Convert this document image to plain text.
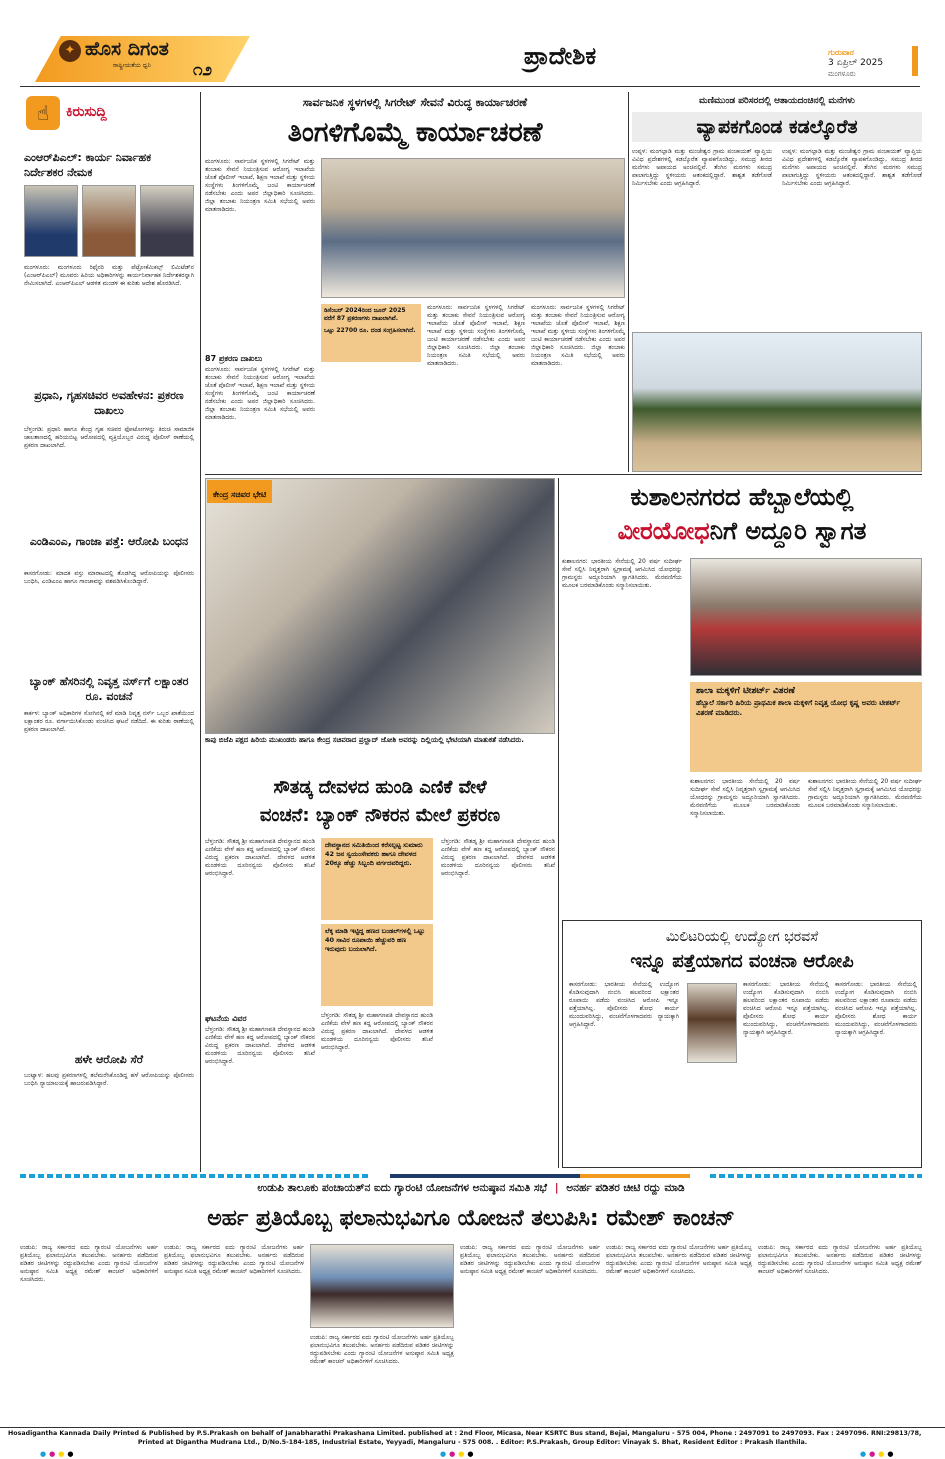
✦ ಹೊಸ ದಿಗಂತ
ರಾಷ್ಟ್ರೀಯತೆಯ ಧ್ವನಿ ೧೨	ಪ್ರಾದೇಶಿಕ	ಗುರುವಾರ
3 ಏಪ್ರಿಲ್ 2025
ಮಂಗಳೂರು
☝	ಕಿರುಸುದ್ದಿ
ಎಂಆರ್‌ಪಿಎಲ್: ಕಾರ್ಯ ನಿರ್ವಾಹಕ ನಿರ್ದೇಶಕರ ನೇಮಕ
ಮಂಗಳೂರು: ಮಂಗಳೂರು ರಿಫೈನರಿ ಮತ್ತು ಪೆಟ್ರೋಕೆಮಿಕಲ್ಸ್ ಲಿಮಿಟೆಡ್‌ನ (ಎಂಆರ್‌ಪಿಎಲ್) ಮೂವರು ಹಿರಿಯ ಅಧಿಕಾರಿಗಳನ್ನು ಕಾರ್ಯನಿರ್ವಾಹಕ ನಿರ್ದೇಶಕರನ್ನಾಗಿ ನೇಮಿಸಲಾಗಿದೆ. ಎಂಆರ್‌ಪಿಎಲ್ ಆಡಳಿತ ಮಂಡಳಿ ಈ ಕುರಿತು ಆದೇಶ ಹೊರಡಿಸಿದೆ.
ಪ್ರಧಾನಿ, ಗೃಹಸಚಿವರ ಅವಹೇಳನ: ಪ್ರಕರಣ ದಾಖಲು
ಬೆಳ್ತಂಗಡಿ: ಪ್ರಧಾನಿ ಹಾಗೂ ಕೇಂದ್ರ ಗೃಹ ಸಚಿವರ ಫೋಟೋಗಳನ್ನು ತಿರುಚಿ ಸಾಮಾಜಿಕ ಜಾಲತಾಣದಲ್ಲಿ ಹರಿಯಬಿಟ್ಟ ಆರೋಪದಲ್ಲಿ ವ್ಯಕ್ತಿಯೊಬ್ಬರ ವಿರುದ್ಧ ಪೊಲೀಸ್ ಠಾಣೆಯಲ್ಲಿ ಪ್ರಕರಣ ದಾಖಲಾಗಿದೆ.
ಎಂಡಿಎಂಎ, ಗಾಂಜಾ ಪತ್ತೆ: ಆರೋಪಿ ಬಂಧನ
ಕಾಸರಗೋಡು: ಮಾದಕ ವಸ್ತು ಮಾರಾಟದಲ್ಲಿ ತೊಡಗಿದ್ದ ಆರೋಪಿಯನ್ನು ಪೊಲೀಸರು ಬಂಧಿಸಿ, ಎಂಡಿಎಂಎ ಹಾಗೂ ಗಾಂಜಾವನ್ನು ವಶಪಡಿಸಿಕೊಂಡಿದ್ದಾರೆ.
ಬ್ಯಾಂಕ್ ಹೆಸರಿನಲ್ಲಿ ನಿವೃತ್ತ ನರ್ಸ್‌ಗೆ ಲಕ್ಷಾಂತರ ರೂ. ವಂಚನೆ
ಕಾರ್ಕಳ: ಬ್ಯಾಂಕ್ ಅಧಿಕಾರಿಗಳ ಸೋಗಿನಲ್ಲಿ ಕರೆ ಮಾಡಿ ನಿವೃತ್ತ ನರ್ಸ್ ಒಬ್ಬರ ಖಾತೆಯಿಂದ ಲಕ್ಷಾಂತರ ರೂ. ವರ್ಗಾಯಿಸಿಕೊಂಡು ವಂಚಿಸಿದ ಘಟನೆ ನಡೆದಿದೆ. ಈ ಕುರಿತು ಠಾಣೆಯಲ್ಲಿ ಪ್ರಕರಣ ದಾಖಲಾಗಿದೆ.
ಹಳೇ ಆರೋಪಿ ಸೆರೆ
ಬಂಟ್ವಾಳ: ಹಲವು ಪ್ರಕರಣಗಳಲ್ಲಿ ತಲೆಮರೆಸಿಕೊಂಡಿದ್ದ ಹಳೆ ಆರೋಪಿಯನ್ನು ಪೊಲೀಸರು ಬಂಧಿಸಿ ನ್ಯಾಯಾಲಯಕ್ಕೆ ಹಾಜರುಪಡಿಸಿದ್ದಾರೆ.
ಸಾರ್ವಜನಿಕ ಸ್ಥಳಗಳಲ್ಲಿ ಸಿಗರೇಟ್ ಸೇವನೆ ವಿರುದ್ಧ ಕಾರ್ಯಾಚರಣೆ
ತಿಂಗಳಿಗೊಮ್ಮೆ ಕಾರ್ಯಾಚರಣೆ
ಮಂಗಳೂರು: ಸಾರ್ವಜನಿಕ ಸ್ಥಳಗಳಲ್ಲಿ ಸಿಗರೇಟ್ ಮತ್ತು ತಂಬಾಕು ಸೇವನೆ ನಿಯಂತ್ರಿಸುವ ಆರೋಗ್ಯ ಇಲಾಖೆಯ ಜೊತೆ ಪೊಲೀಸ್ ಇಲಾಖೆ, ಶಿಕ್ಷಣ ಇಲಾಖೆ ಮತ್ತು ಸ್ಥಳೀಯ ಸಂಸ್ಥೆಗಳು ತಿಂಗಳಿಗೊಮ್ಮೆ ಜಂಟಿ ಕಾರ್ಯಾಚರಣೆ ನಡೆಸಬೇಕು ಎಂದು ಅಪರ ಜಿಲ್ಲಾಧಿಕಾರಿ ಸೂಚಿಸಿದರು. ಜಿಲ್ಲಾ ತಂಬಾಕು ನಿಯಂತ್ರಣ ಸಮಿತಿ ಸಭೆಯಲ್ಲಿ ಅವರು ಮಾತನಾಡಿದರು.
87 ಪ್ರಕರಣ ದಾಖಲು
ಮಂಗಳೂರು: ಸಾರ್ವಜನಿಕ ಸ್ಥಳಗಳಲ್ಲಿ ಸಿಗರೇಟ್ ಮತ್ತು ತಂಬಾಕು ಸೇವನೆ ನಿಯಂತ್ರಿಸುವ ಆರೋಗ್ಯ ಇಲಾಖೆಯ ಜೊತೆ ಪೊಲೀಸ್ ಇಲಾಖೆ, ಶಿಕ್ಷಣ ಇಲಾಖೆ ಮತ್ತು ಸ್ಥಳೀಯ ಸಂಸ್ಥೆಗಳು ತಿಂಗಳಿಗೊಮ್ಮೆ ಜಂಟಿ ಕಾರ್ಯಾಚರಣೆ ನಡೆಸಬೇಕು ಎಂದು ಅಪರ ಜಿಲ್ಲಾಧಿಕಾರಿ ಸೂಚಿಸಿದರು. ಜಿಲ್ಲಾ ತಂಬಾಕು ನಿಯಂತ್ರಣ ಸಮಿತಿ ಸಭೆಯಲ್ಲಿ ಅವರು ಮಾತನಾಡಿದರು.
ಡಿಸೆಂಬರ್ 2024ರಿಂದ ಜೂನ್ 2025 ವರೆಗೆ 87 ಪ್ರಕರಣಗಳು ದಾಖಲಾಗಿವೆ.
ಒಟ್ಟು 22700 ರೂ. ದಂಡ ಸಂಗ್ರಹಿಸಲಾಗಿದೆ.
ಮಂಗಳೂರು: ಸಾರ್ವಜನಿಕ ಸ್ಥಳಗಳಲ್ಲಿ ಸಿಗರೇಟ್ ಮತ್ತು ತಂಬಾಕು ಸೇವನೆ ನಿಯಂತ್ರಿಸುವ ಆರೋಗ್ಯ ಇಲಾಖೆಯ ಜೊತೆ ಪೊಲೀಸ್ ಇಲಾಖೆ, ಶಿಕ್ಷಣ ಇಲಾಖೆ ಮತ್ತು ಸ್ಥಳೀಯ ಸಂಸ್ಥೆಗಳು ತಿಂಗಳಿಗೊಮ್ಮೆ ಜಂಟಿ ಕಾರ್ಯಾಚರಣೆ ನಡೆಸಬೇಕು ಎಂದು ಅಪರ ಜಿಲ್ಲಾಧಿಕಾರಿ ಸೂಚಿಸಿದರು. ಜಿಲ್ಲಾ ತಂಬಾಕು ನಿಯಂತ್ರಣ ಸಮಿತಿ ಸಭೆಯಲ್ಲಿ ಅವರು ಮಾತನಾಡಿದರು.
ಮಂಗಳೂರು: ಸಾರ್ವಜನಿಕ ಸ್ಥಳಗಳಲ್ಲಿ ಸಿಗರೇಟ್ ಮತ್ತು ತಂಬಾಕು ಸೇವನೆ ನಿಯಂತ್ರಿಸುವ ಆರೋಗ್ಯ ಇಲಾಖೆಯ ಜೊತೆ ಪೊಲೀಸ್ ಇಲಾಖೆ, ಶಿಕ್ಷಣ ಇಲಾಖೆ ಮತ್ತು ಸ್ಥಳೀಯ ಸಂಸ್ಥೆಗಳು ತಿಂಗಳಿಗೊಮ್ಮೆ ಜಂಟಿ ಕಾರ್ಯಾಚರಣೆ ನಡೆಸಬೇಕು ಎಂದು ಅಪರ ಜಿಲ್ಲಾಧಿಕಾರಿ ಸೂಚಿಸಿದರು. ಜಿಲ್ಲಾ ತಂಬಾಕು ನಿಯಂತ್ರಣ ಸಮಿತಿ ಸಭೆಯಲ್ಲಿ ಅವರು ಮಾತನಾಡಿದರು.
ಮಣಿಮುಂಡ ಪರಿಸರದಲ್ಲಿ ಆತಾಯದಂಚಿನಲ್ಲಿ ಮನೆಗಳು
ವ್ಯಾಪಕಗೊಂಡ ಕಡಲ್ಕೊರೆತ
ಉಪ್ಪಳ: ಮಂಗಲ್ಪಾಡಿ ಮತ್ತು ಮಂಜೇಶ್ವರ ಗ್ರಾಮ ಪಂಚಾಯತ್ ವ್ಯಾಪ್ತಿಯ ವಿವಿಧ ಪ್ರದೇಶಗಳಲ್ಲಿ ಕಡಲ್ಕೊರೆತ ವ್ಯಾಪಕಗೊಂಡಿದ್ದು, ಸಮುದ್ರ ತೀರದ ಮನೆಗಳು ಅಪಾಯದ ಅಂಚಿನಲ್ಲಿವೆ. ತೆಂಗಿನ ಮರಗಳು ಸಮುದ್ರ ಪಾಲಾಗುತ್ತಿದ್ದು ಸ್ಥಳೀಯರು ಆತಂಕದಲ್ಲಿದ್ದಾರೆ. ಶಾಶ್ವತ ತಡೆಗೋಡೆ ನಿರ್ಮಿಸಬೇಕು ಎಂದು ಆಗ್ರಹಿಸಿದ್ದಾರೆ.
ಉಪ್ಪಳ: ಮಂಗಲ್ಪಾಡಿ ಮತ್ತು ಮಂಜೇಶ್ವರ ಗ್ರಾಮ ಪಂಚಾಯತ್ ವ್ಯಾಪ್ತಿಯ ವಿವಿಧ ಪ್ರದೇಶಗಳಲ್ಲಿ ಕಡಲ್ಕೊರೆತ ವ್ಯಾಪಕಗೊಂಡಿದ್ದು, ಸಮುದ್ರ ತೀರದ ಮನೆಗಳು ಅಪಾಯದ ಅಂಚಿನಲ್ಲಿವೆ. ತೆಂಗಿನ ಮರಗಳು ಸಮುದ್ರ ಪಾಲಾಗುತ್ತಿದ್ದು ಸ್ಥಳೀಯರು ಆತಂಕದಲ್ಲಿದ್ದಾರೆ. ಶಾಶ್ವತ ತಡೆಗೋಡೆ ನಿರ್ಮಿಸಬೇಕು ಎಂದು ಆಗ್ರಹಿಸಿದ್ದಾರೆ.
ಕೇಂದ್ರ ಸಚಿವರ ಭೇಟಿ
ಕಾಪು ಬಿಜೆಪಿ ಪಕ್ಷದ ಹಿರಿಯ ಮುಖಂಡರು ಹಾಗೂ ಕೇಂದ್ರ ಸಚಿವರಾದ ಪ್ರಲ್ಹಾದ್ ಜೋಶಿ ಅವರನ್ನು ದಿಲ್ಲಿಯಲ್ಲಿ ಭೇಟಿಯಾಗಿ ಮಾತುಕತೆ ನಡೆಸಿದರು.
ಕುಶಾಲನಗರದ ಹೆಬ್ಬಾಲೆಯಲ್ಲಿ
ವೀರಯೋಧನಿಗೆ ಅದ್ದೂರಿ ಸ್ವಾಗತ
ಕುಶಾಲನಗರ: ಭಾರತೀಯ ಸೇನೆಯಲ್ಲಿ 20 ವರ್ಷ ಸುದೀರ್ಘ ಸೇವೆ ಸಲ್ಲಿಸಿ ನಿವೃತ್ತರಾಗಿ ಸ್ವಗ್ರಾಮಕ್ಕೆ ಆಗಮಿಸಿದ ಯೋಧರನ್ನು ಗ್ರಾಮಸ್ಥರು ಅದ್ದೂರಿಯಾಗಿ ಸ್ವಾಗತಿಸಿದರು. ಮೆರವಣಿಗೆಯ ಮೂಲಕ ಬರಮಾಡಿಕೊಂಡು ಸನ್ಮಾನಿಸಲಾಯಿತು.
ಶಾಲಾ ಮಕ್ಕಳಿಗೆ ಟೀಶರ್ಟ್ ವಿತರಣೆ
ಹೆಬ್ಬಾಲೆ ಸರ್ಕಾರಿ ಹಿರಿಯ ಪ್ರಾಥಮಿಕ ಶಾಲಾ ಮಕ್ಕಳಿಗೆ ನಿವೃತ್ತ ಯೋಧ ಕೃಷ್ಣ ಅವರು ಟೀಶರ್ಟ್ ವಿತರಣೆ ಮಾಡಿದರು.
ಕುಶಾಲನಗರ: ಭಾರತೀಯ ಸೇನೆಯಲ್ಲಿ 20 ವರ್ಷ ಸುದೀರ್ಘ ಸೇವೆ ಸಲ್ಲಿಸಿ ನಿವೃತ್ತರಾಗಿ ಸ್ವಗ್ರಾಮಕ್ಕೆ ಆಗಮಿಸಿದ ಯೋಧರನ್ನು ಗ್ರಾಮಸ್ಥರು ಅದ್ದೂರಿಯಾಗಿ ಸ್ವಾಗತಿಸಿದರು. ಮೆರವಣಿಗೆಯ ಮೂಲಕ ಬರಮಾಡಿಕೊಂಡು ಸನ್ಮಾನಿಸಲಾಯಿತು.
ಕುಶಾಲನಗರ: ಭಾರತೀಯ ಸೇನೆಯಲ್ಲಿ 20 ವರ್ಷ ಸುದೀರ್ಘ ಸೇವೆ ಸಲ್ಲಿಸಿ ನಿವೃತ್ತರಾಗಿ ಸ್ವಗ್ರಾಮಕ್ಕೆ ಆಗಮಿಸಿದ ಯೋಧರನ್ನು ಗ್ರಾಮಸ್ಥರು ಅದ್ದೂರಿಯಾಗಿ ಸ್ವಾಗತಿಸಿದರು. ಮೆರವಣಿಗೆಯ ಮೂಲಕ ಬರಮಾಡಿಕೊಂಡು ಸನ್ಮಾನಿಸಲಾಯಿತು.
ಸೌತಡ್ಕ ದೇವಳದ ಹುಂಡಿ ಎಣಿಕೆ ವೇಳೆ
ವಂಚನೆ: ಬ್ಯಾಂಕ್ ನೌಕರನ ಮೇಲೆ ಪ್ರಕರಣ
ಬೆಳ್ತಂಗಡಿ: ಸೌತಡ್ಕ ಶ್ರೀ ಮಹಾಗಣಪತಿ ದೇವಸ್ಥಾನದ ಹುಂಡಿ ಎಣಿಕೆಯ ವೇಳೆ ಹಣ ಕದ್ದ ಆರೋಪದಲ್ಲಿ ಬ್ಯಾಂಕ್ ನೌಕರನ ವಿರುದ್ಧ ಪ್ರಕರಣ ದಾಖಲಾಗಿದೆ. ದೇವಳದ ಆಡಳಿತ ಮಂಡಳಿಯ ದೂರಿನನ್ವಯ ಪೊಲೀಸರು ತನಿಖೆ ಆರಂಭಿಸಿದ್ದಾರೆ.
ಘಟನೆಯ ವಿವರ
ಬೆಳ್ತಂಗಡಿ: ಸೌತಡ್ಕ ಶ್ರೀ ಮಹಾಗಣಪತಿ ದೇವಸ್ಥಾನದ ಹುಂಡಿ ಎಣಿಕೆಯ ವೇಳೆ ಹಣ ಕದ್ದ ಆರೋಪದಲ್ಲಿ ಬ್ಯಾಂಕ್ ನೌಕರನ ವಿರುದ್ಧ ಪ್ರಕರಣ ದಾಖಲಾಗಿದೆ. ದೇವಳದ ಆಡಳಿತ ಮಂಡಳಿಯ ದೂರಿನನ್ವಯ ಪೊಲೀಸರು ತನಿಖೆ ಆರಂಭಿಸಿದ್ದಾರೆ.
ದೇವಸ್ಥಾನದ ಸಮಿತಿಯಿಂದ ಕರೆಸಲ್ಪಟ್ಟ ಸುಮಾರು 42 ಜನ ಸ್ವಯಂಸೇವಕರು ಹಾಗೂ ದೇವಳದ 20ಕ್ಕೂ ಹೆಚ್ಚು ಸಿಬ್ಬಂದಿ ವರ್ಗದವರಿದ್ದರು.
ಲೆಕ್ಕ ಮಾಡಿ ಇಟ್ಟಿದ್ದ ಹಣದ ಬಂಡಲ್‌ಗಳಲ್ಲಿ ಒಟ್ಟು 40 ಸಾವಿರ ರೂಪಾಯಿ ಹೆಚ್ಚುವರಿ ಹಣ ಇರುವುದು ಬಯಲಾಗಿದೆ.
ಬೆಳ್ತಂಗಡಿ: ಸೌತಡ್ಕ ಶ್ರೀ ಮಹಾಗಣಪತಿ ದೇವಸ್ಥಾನದ ಹುಂಡಿ ಎಣಿಕೆಯ ವೇಳೆ ಹಣ ಕದ್ದ ಆರೋಪದಲ್ಲಿ ಬ್ಯಾಂಕ್ ನೌಕರನ ವಿರುದ್ಧ ಪ್ರಕರಣ ದಾಖಲಾಗಿದೆ. ದೇವಳದ ಆಡಳಿತ ಮಂಡಳಿಯ ದೂರಿನನ್ವಯ ಪೊಲೀಸರು ತನಿಖೆ ಆರಂಭಿಸಿದ್ದಾರೆ.
ಬೆಳ್ತಂಗಡಿ: ಸೌತಡ್ಕ ಶ್ರೀ ಮಹಾಗಣಪತಿ ದೇವಸ್ಥಾನದ ಹುಂಡಿ ಎಣಿಕೆಯ ವೇಳೆ ಹಣ ಕದ್ದ ಆರೋಪದಲ್ಲಿ ಬ್ಯಾಂಕ್ ನೌಕರನ ವಿರುದ್ಧ ಪ್ರಕರಣ ದಾಖಲಾಗಿದೆ. ದೇವಳದ ಆಡಳಿತ ಮಂಡಳಿಯ ದೂರಿನನ್ವಯ ಪೊಲೀಸರು ತನಿಖೆ ಆರಂಭಿಸಿದ್ದಾರೆ.
ಮಿಲಿಟರಿಯಲ್ಲಿ ಉದ್ಯೋಗ ಭರವಸೆ
ಇನ್ನೂ ಪತ್ತೆಯಾಗದ ವಂಚನಾ ಆರೋಪಿ
ಕಾಸರಗೋಡು: ಭಾರತೀಯ ಸೇನೆಯಲ್ಲಿ ಉದ್ಯೋಗ ಕೊಡಿಸುವುದಾಗಿ ನಂಬಿಸಿ ಹಲವರಿಂದ ಲಕ್ಷಾಂತರ ರೂಪಾಯಿ ಪಡೆದು ವಂಚಿಸಿದ ಆರೋಪಿ ಇನ್ನೂ ಪತ್ತೆಯಾಗಿಲ್ಲ. ಪೊಲೀಸರು ಶೋಧ ಕಾರ್ಯ ಮುಂದುವರಿಸಿದ್ದು, ವಂಚನೆಗೊಳಗಾದವರು ನ್ಯಾಯಕ್ಕಾಗಿ ಆಗ್ರಹಿಸಿದ್ದಾರೆ.
ಕಾಸರಗೋಡು: ಭಾರತೀಯ ಸೇನೆಯಲ್ಲಿ ಉದ್ಯೋಗ ಕೊಡಿಸುವುದಾಗಿ ನಂಬಿಸಿ ಹಲವರಿಂದ ಲಕ್ಷಾಂತರ ರೂಪಾಯಿ ಪಡೆದು ವಂಚಿಸಿದ ಆರೋಪಿ ಇನ್ನೂ ಪತ್ತೆಯಾಗಿಲ್ಲ. ಪೊಲೀಸರು ಶೋಧ ಕಾರ್ಯ ಮುಂದುವರಿಸಿದ್ದು, ವಂಚನೆಗೊಳಗಾದವರು ನ್ಯಾಯಕ್ಕಾಗಿ ಆಗ್ರಹಿಸಿದ್ದಾರೆ.
ಕಾಸರಗೋಡು: ಭಾರತೀಯ ಸೇನೆಯಲ್ಲಿ ಉದ್ಯೋಗ ಕೊಡಿಸುವುದಾಗಿ ನಂಬಿಸಿ ಹಲವರಿಂದ ಲಕ್ಷಾಂತರ ರೂಪಾಯಿ ಪಡೆದು ವಂಚಿಸಿದ ಆರೋಪಿ ಇನ್ನೂ ಪತ್ತೆಯಾಗಿಲ್ಲ. ಪೊಲೀಸರು ಶೋಧ ಕಾರ್ಯ ಮುಂದುವರಿಸಿದ್ದು, ವಂಚನೆಗೊಳಗಾದವರು ನ್ಯಾಯಕ್ಕಾಗಿ ಆಗ್ರಹಿಸಿದ್ದಾರೆ.
ಉಡುಪಿ ತಾಲೂಕು ಪಂಚಾಯತ್‌ನ ಐದು ಗ್ಯಾರಂಟಿ ಯೋಜನೆಗಳ ಅನುಷ್ಠಾನ ಸಮಿತಿ ಸಭೆ | ಅನರ್ಹ ಪಡಿತರ ಚೀಟಿ ರದ್ದು ಮಾಡಿ
ಅರ್ಹ ಪ್ರತಿಯೊಬ್ಬ ಫಲಾನುಭವಿಗೂ ಯೋಜನೆ ತಲುಪಿಸಿ: ರಮೇಶ್ ಕಾಂಚನ್
ಉಡುಪಿ: ರಾಜ್ಯ ಸರ್ಕಾರದ ಐದು ಗ್ಯಾರಂಟಿ ಯೋಜನೆಗಳು ಅರ್ಹ ಪ್ರತಿಯೊಬ್ಬ ಫಲಾನುಭವಿಗೂ ತಲುಪಬೇಕು. ಅನರ್ಹರು ಪಡೆದಿರುವ ಪಡಿತರ ಚೀಟಿಗಳನ್ನು ರದ್ದುಪಡಿಸಬೇಕು ಎಂದು ಗ್ಯಾರಂಟಿ ಯೋಜನೆಗಳ ಅನುಷ್ಠಾನ ಸಮಿತಿ ಅಧ್ಯಕ್ಷ ರಮೇಶ್ ಕಾಂಚನ್ ಅಧಿಕಾರಿಗಳಿಗೆ ಸೂಚಿಸಿದರು.
ಉಡುಪಿ: ರಾಜ್ಯ ಸರ್ಕಾರದ ಐದು ಗ್ಯಾರಂಟಿ ಯೋಜನೆಗಳು ಅರ್ಹ ಪ್ರತಿಯೊಬ್ಬ ಫಲಾನುಭವಿಗೂ ತಲುಪಬೇಕು. ಅನರ್ಹರು ಪಡೆದಿರುವ ಪಡಿತರ ಚೀಟಿಗಳನ್ನು ರದ್ದುಪಡಿಸಬೇಕು ಎಂದು ಗ್ಯಾರಂಟಿ ಯೋಜನೆಗಳ ಅನುಷ್ಠಾನ ಸಮಿತಿ ಅಧ್ಯಕ್ಷ ರಮೇಶ್ ಕಾಂಚನ್ ಅಧಿಕಾರಿಗಳಿಗೆ ಸೂಚಿಸಿದರು.
ಉಡುಪಿ: ರಾಜ್ಯ ಸರ್ಕಾರದ ಐದು ಗ್ಯಾರಂಟಿ ಯೋಜನೆಗಳು ಅರ್ಹ ಪ್ರತಿಯೊಬ್ಬ ಫಲಾನುಭವಿಗೂ ತಲುಪಬೇಕು. ಅನರ್ಹರು ಪಡೆದಿರುವ ಪಡಿತರ ಚೀಟಿಗಳನ್ನು ರದ್ದುಪಡಿಸಬೇಕು ಎಂದು ಗ್ಯಾರಂಟಿ ಯೋಜನೆಗಳ ಅನುಷ್ಠಾನ ಸಮಿತಿ ಅಧ್ಯಕ್ಷ ರಮೇಶ್ ಕಾಂಚನ್ ಅಧಿಕಾರಿಗಳಿಗೆ ಸೂಚಿಸಿದರು.
ಉಡುಪಿ: ರಾಜ್ಯ ಸರ್ಕಾರದ ಐದು ಗ್ಯಾರಂಟಿ ಯೋಜನೆಗಳು ಅರ್ಹ ಪ್ರತಿಯೊಬ್ಬ ಫಲಾನುಭವಿಗೂ ತಲುಪಬೇಕು. ಅನರ್ಹರು ಪಡೆದಿರುವ ಪಡಿತರ ಚೀಟಿಗಳನ್ನು ರದ್ದುಪಡಿಸಬೇಕು ಎಂದು ಗ್ಯಾರಂಟಿ ಯೋಜನೆಗಳ ಅನುಷ್ಠಾನ ಸಮಿತಿ ಅಧ್ಯಕ್ಷ ರಮೇಶ್ ಕಾಂಚನ್ ಅಧಿಕಾರಿಗಳಿಗೆ ಸೂಚಿಸಿದರು.
ಉಡುಪಿ: ರಾಜ್ಯ ಸರ್ಕಾರದ ಐದು ಗ್ಯಾರಂಟಿ ಯೋಜನೆಗಳು ಅರ್ಹ ಪ್ರತಿಯೊಬ್ಬ ಫಲಾನುಭವಿಗೂ ತಲುಪಬೇಕು. ಅನರ್ಹರು ಪಡೆದಿರುವ ಪಡಿತರ ಚೀಟಿಗಳನ್ನು ರದ್ದುಪಡಿಸಬೇಕು ಎಂದು ಗ್ಯಾರಂಟಿ ಯೋಜನೆಗಳ ಅನುಷ್ಠಾನ ಸಮಿತಿ ಅಧ್ಯಕ್ಷ ರಮೇಶ್ ಕಾಂಚನ್ ಅಧಿಕಾರಿಗಳಿಗೆ ಸೂಚಿಸಿದರು.
ಉಡುಪಿ: ರಾಜ್ಯ ಸರ್ಕಾರದ ಐದು ಗ್ಯಾರಂಟಿ ಯೋಜನೆಗಳು ಅರ್ಹ ಪ್ರತಿಯೊಬ್ಬ ಫಲಾನುಭವಿಗೂ ತಲುಪಬೇಕು. ಅನರ್ಹರು ಪಡೆದಿರುವ ಪಡಿತರ ಚೀಟಿಗಳನ್ನು ರದ್ದುಪಡಿಸಬೇಕು ಎಂದು ಗ್ಯಾರಂಟಿ ಯೋಜನೆಗಳ ಅನುಷ್ಠಾನ ಸಮಿತಿ ಅಧ್ಯಕ್ಷ ರಮೇಶ್ ಕಾಂಚನ್ ಅಧಿಕಾರಿಗಳಿಗೆ ಸೂಚಿಸಿದರು.
Hosadigantha Kannada Daily Printed & Published by P.S.Prakash on behalf of Janabharathi Prakashana Limited. published at : 2nd Floor, Micasa, Near KSRTC Bus stand, Bejai, Mangaluru - 575 004, Phone : 2497091 to 2497093. Fax : 2497096. RNI:29813/78,
Printed at Digantha Mudrana Ltd., D/No.5-184-185, Industrial Estate, Yeyyadi, Mangaluru - 575 008. . Editor: P.S.Prakash, Group Editor: Vinayak S. Bhat, Resident Editor : Prakash Ilanthila.
●●●●	●●●●	●●●●
